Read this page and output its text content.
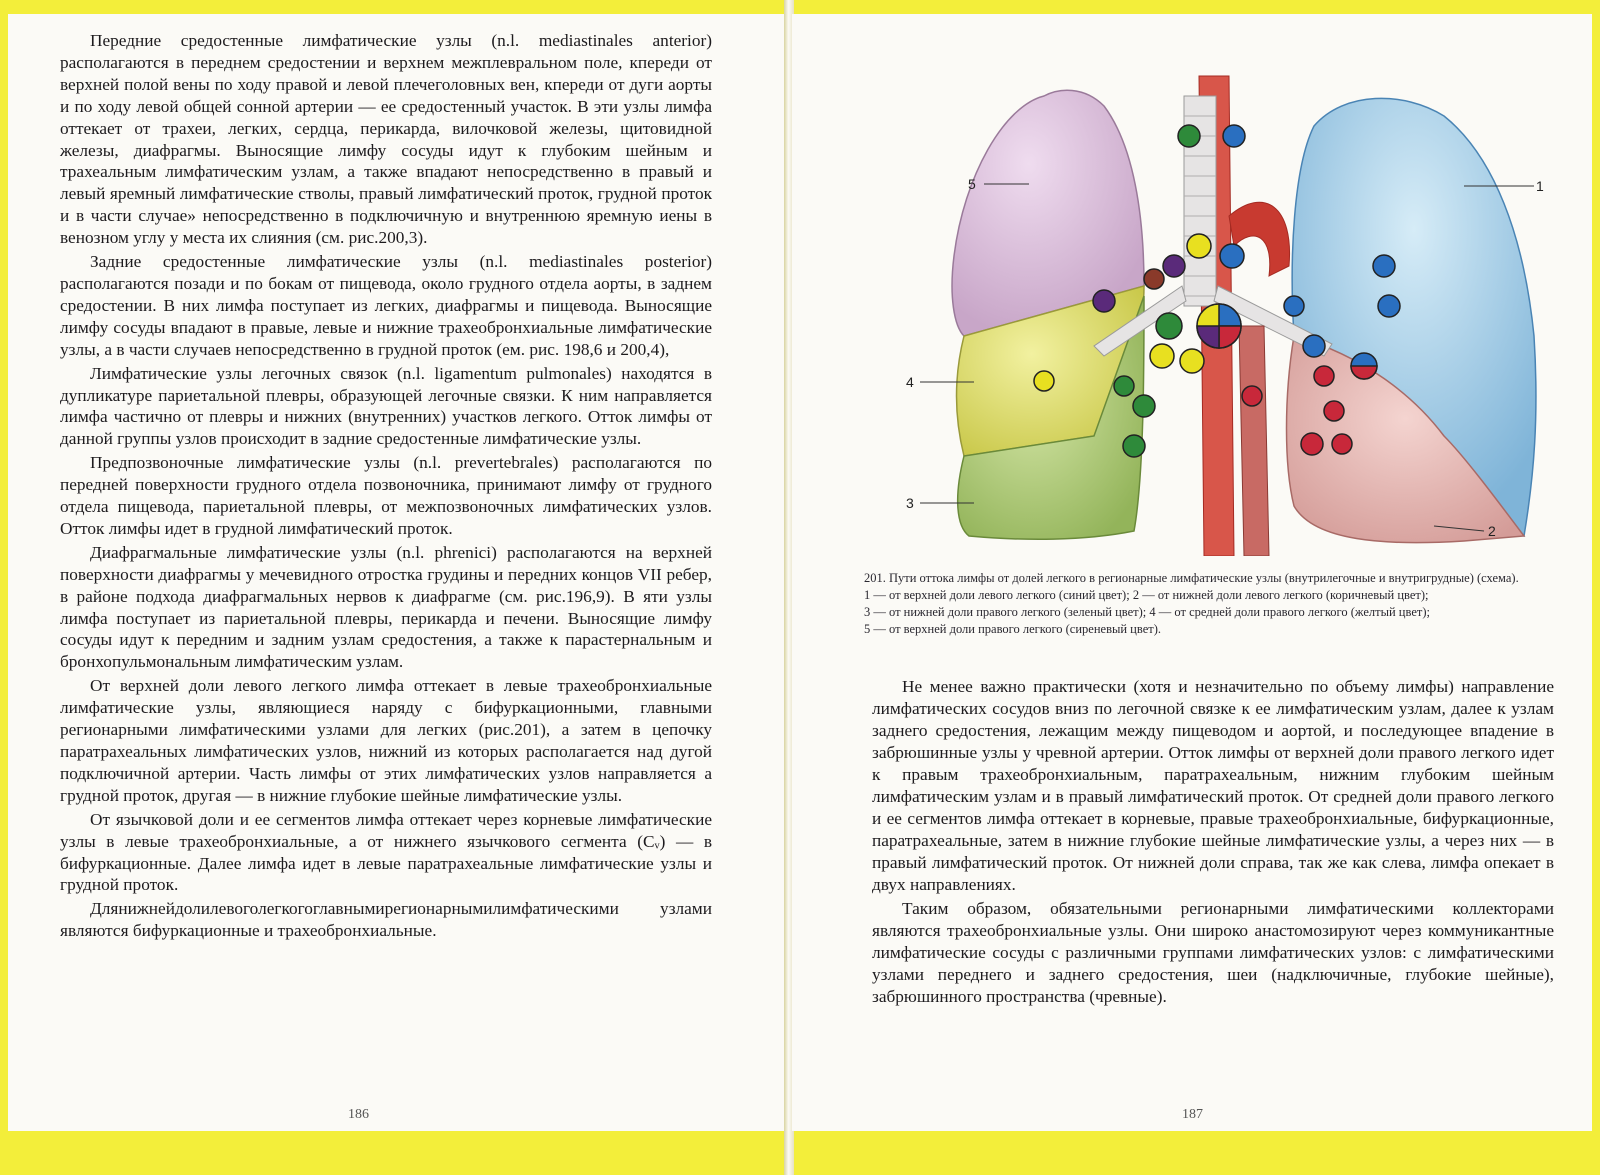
Передние средостенные лимфатические узлы (n.l. mediastinales anterior) располагаются в переднем средостении и верхнем межплевральном поле, кпереди от верхней полой вены по ходу правой и левой плечеголовных вен, кпереди от дуги аорты и по ходу левой общей сонной артерии — ее средостенный участок. В эти узлы лимфа оттекает от трахеи, легких, сердца, перикарда, вилочковой железы, щитовидной железы, диафрагмы. Выносящие лимфу сосуды идут к глубоким шейным и трахеальным лимфатическим узлам, а также впадают непосредственно в правый и левый яремный лимфатические стволы, правый лимфатический проток, грудной проток и в части случае» непосредственно в подключичную и внутреннюю яремную иены в венозном углу у места их слияния (см. рис.200,3).

Задние средостенные лимфатические узлы (n.l. mediastinales posterior) располагаются позади и по бокам от пищевода, около грудного отдела аорты, в заднем средостении. В них лимфа поступает из легких, диафрагмы и пищевода. Выносящие лимфу сосуды впадают в правые, левые и нижние трахеобронхиальные лимфатические узлы, а в части случаев непосредственно в грудной проток (ем. рис. 198,6 и 200,4),

Лимфатические узлы легочных связок (n.l. ligamentum pulmonales) находятся в дупликатуре париетальной плевры, образующей легочные связки. К ним направляется лимфа частично от плевры и нижних (внутренних) участков легкого. Отток лимфы от данной группы узлов происходит в задние средостенные лимфатические узлы.

Предпозвоночные лимфатические узлы (n.l. prevertebrales) располагаются по передней поверхности грудного отдела позвоночника, принимают лимфу от грудного отдела пищевода, париетальной плевры, от межпозвоночных лимфатических узлов. Отток лимфы идет в грудной лимфатический проток.

Диафрагмальные лимфатические узлы (n.l. phrenici) располагаются на верхней поверхности диафрагмы у мечевидного отростка грудины и передних концов VII ребер, в районе подхода диафрагмальных нервов к диафрагме (см. рис.196,9). В яти узлы лимфа поступает из париетальной плевры, перикарда и печени. Выносящие лимфу сосуды идут к передним и задним узлам средостения, а также к парастернальным и бронхопульмональным лимфатическим узлам.

От верхней доли левого легкого лимфа оттекает в левые трахеобронхиальные лимфатические узлы, являющиеся наряду с бифуркационными, главными регионарными лимфатическими узлами для легких (рис.201), а затем в цепочку паратрахеальных лимфатических узлов, нижний из которых располагается над дугой подключичной артерии. Часть лимфы от этих лимфатических узлов направляется а грудной проток, другая — в нижние глубокие шейные лимфатические узлы.

От язычковой доли и ее сегментов лимфа оттекает через корневые лимфатические узлы в левые трахеобронхиальные, а от нижнего язычкового сегмента (Cᵥ) — в бифуркационные. Далее лимфа идет в левые паратрахеальные лимфатические узлы и грудной проток.

Длянижнейдолилевоголегкогоглавнымирегионарнымилимфатическими узлами являются бифуркационные и трахеобронхиальные.

186
5	1
4
3
2

201. Пути оттока лимфы от долей легкого в регионарные лимфатические узлы (внутрилегочные и внутригрудные) (схема).

1 — от верхней доли левого легкого (синий цвет); 2 — от нижней доли левого легкого (коричневый цвет);

3 — от нижней доли правого легкого (зеленый цвет); 4 — от средней доли правого легкого (желтый цвет);

5 — от верхней доли правого легкого (сиреневый цвет).

Не менее важно практически (хотя и незначительно по объему лимфы) направление лимфатических сосудов вниз по легочной связке к ее лимфатическим узлам, далее к узлам заднего средостения, лежащим между пищеводом и аортой, и последующее впадение в забрюшинные узлы у чревной артерии. Отток лимфы от верхней доли правого легкого идет к правым трахеобронхиальным, паратрахеальным, нижним глубоким шейным лимфатическим узлам и в правый лимфатический проток. От средней доли правого легкого и ее сегментов лимфа оттекает в корневые, правые трахеобронхиальные, бифуркационные, паратрахеальные, затем в нижние глубокие шейные лимфатические узлы, а через них — в правый лимфатический проток. От нижней доли справа, так же как слева, лимфа опекает в двух направлениях.

Таким образом, обязательными регионарными лимфатическими коллекторами являются трахеобронхиальные узлы. Они широко анастомозируют через коммуникантные лимфатические сосуды с различными группами лимфатических узлов: с лимфатическими узлами переднего и заднего средостения, шеи (надключичные, глубокие шейные), забрюшинного пространства (чревные).

187
